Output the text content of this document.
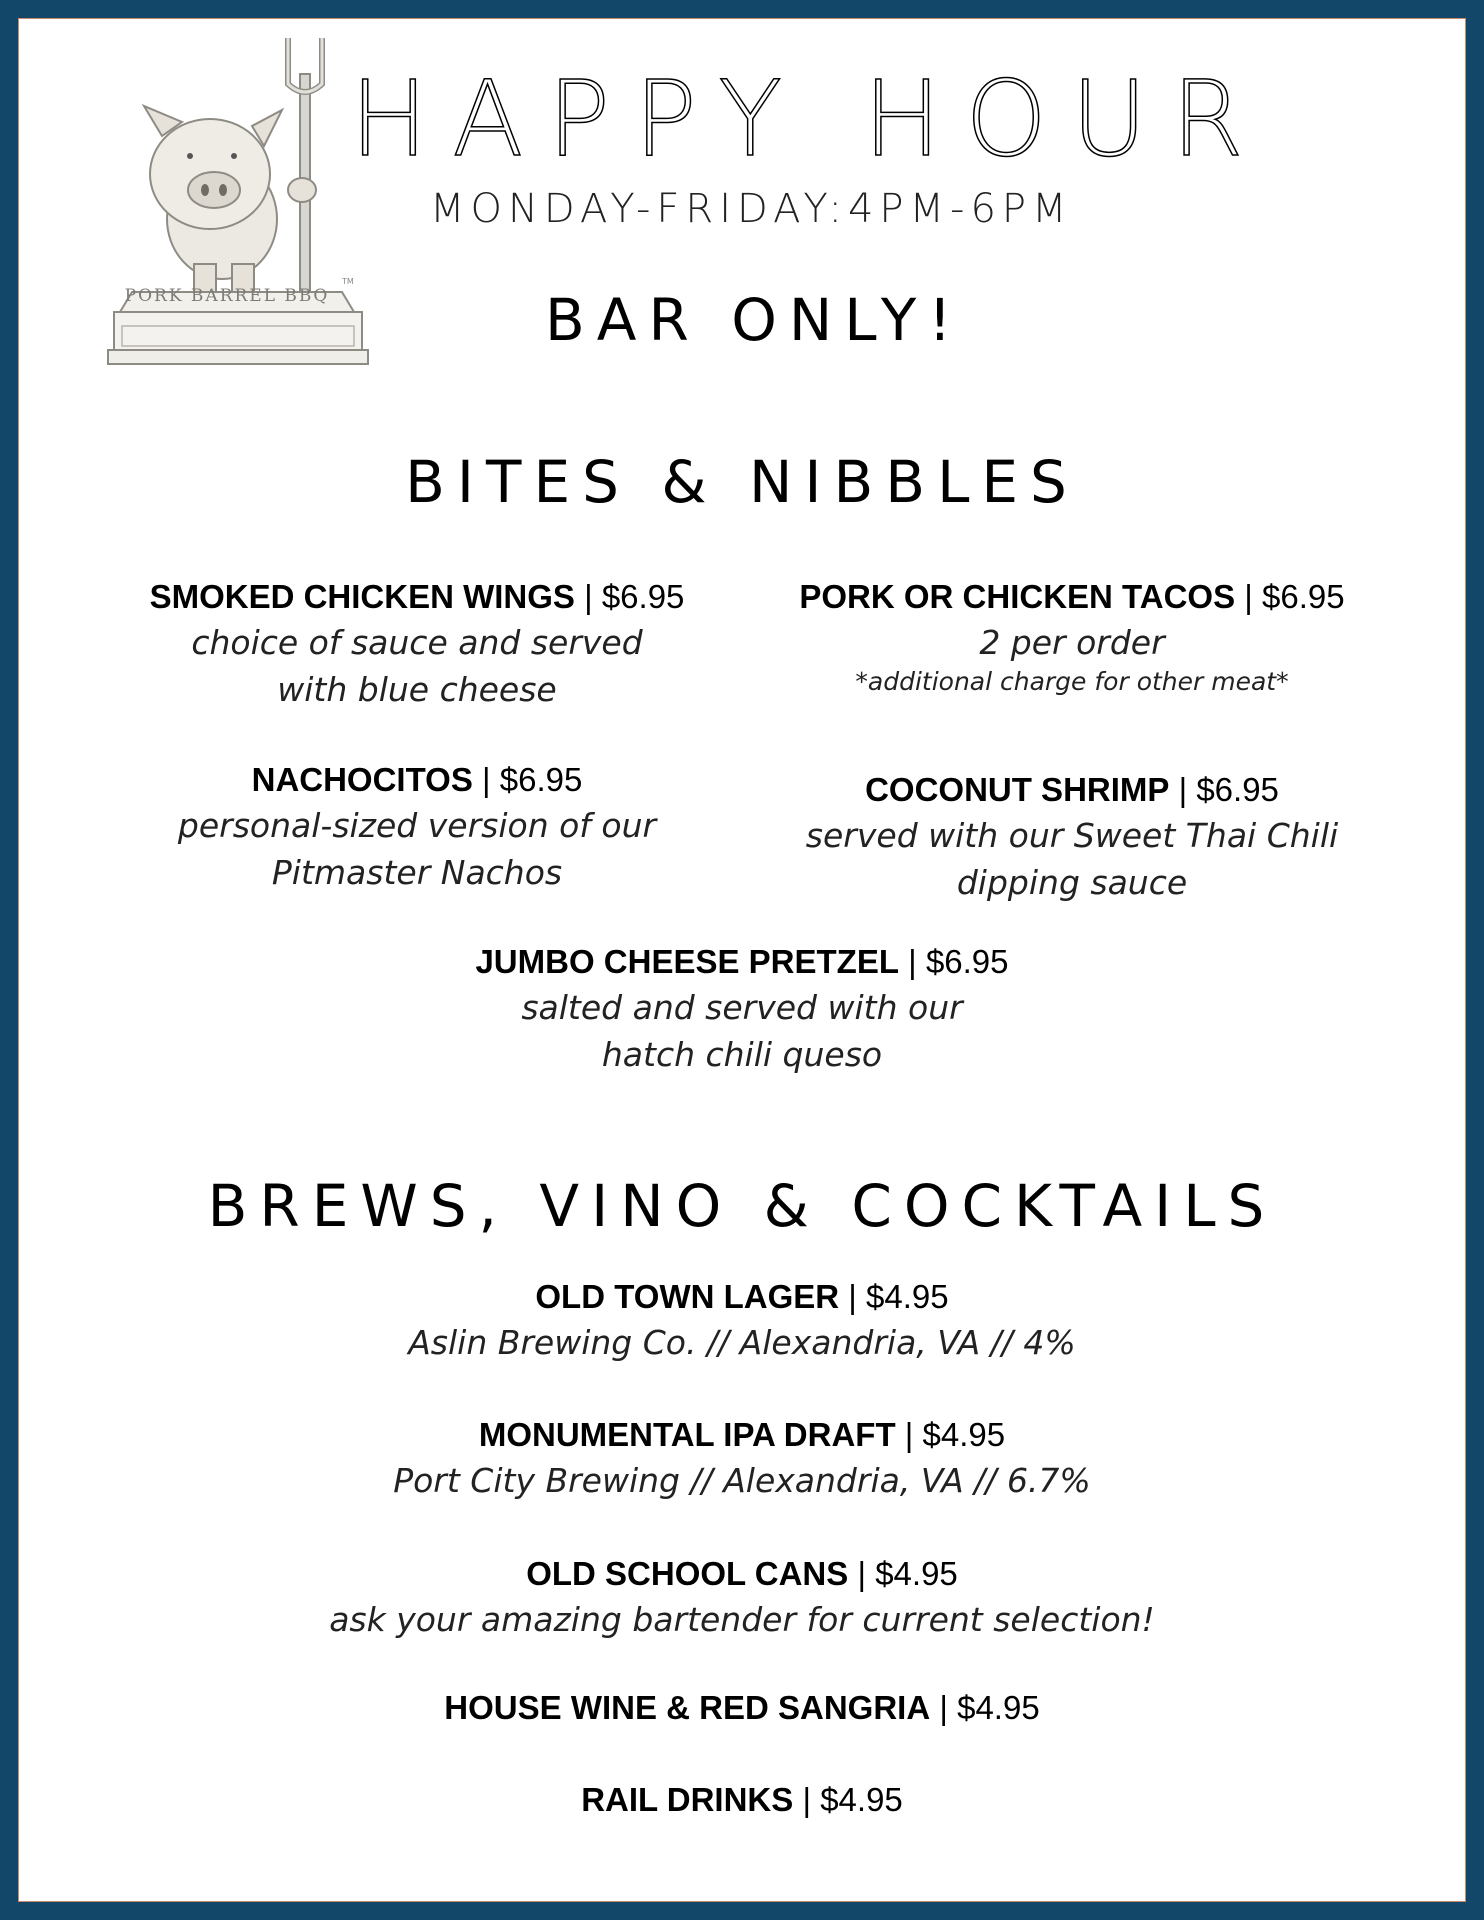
TM
PORK BARREL BBQ
HAPPY HOUR
MONDAY-FRIDAY:4PM-6PM
BAR ONLY!
BITES & NIBBLES
SMOKED CHICKEN WINGS | $6.95
choice of sauce and served
with blue cheese
PORK OR CHICKEN TACOS | $6.95
2 per order
*additional charge for other meat*
NACHOCITOS | $6.95
personal-sized version of our
Pitmaster Nachos
COCONUT SHRIMP | $6.95
served with our Sweet Thai Chili
dipping sauce
JUMBO CHEESE PRETZEL | $6.95
salted and served with our
hatch chili queso
BREWS, VINO & COCKTAILS
OLD TOWN LAGER | $4.95
Aslin Brewing Co. // Alexandria, VA // 4%
MONUMENTAL IPA DRAFT | $4.95
Port City Brewing // Alexandria, VA // 6.7%
OLD SCHOOL CANS | $4.95
ask your amazing bartender for current selection!
HOUSE WINE & RED SANGRIA | $4.95
RAIL DRINKS | $4.95
